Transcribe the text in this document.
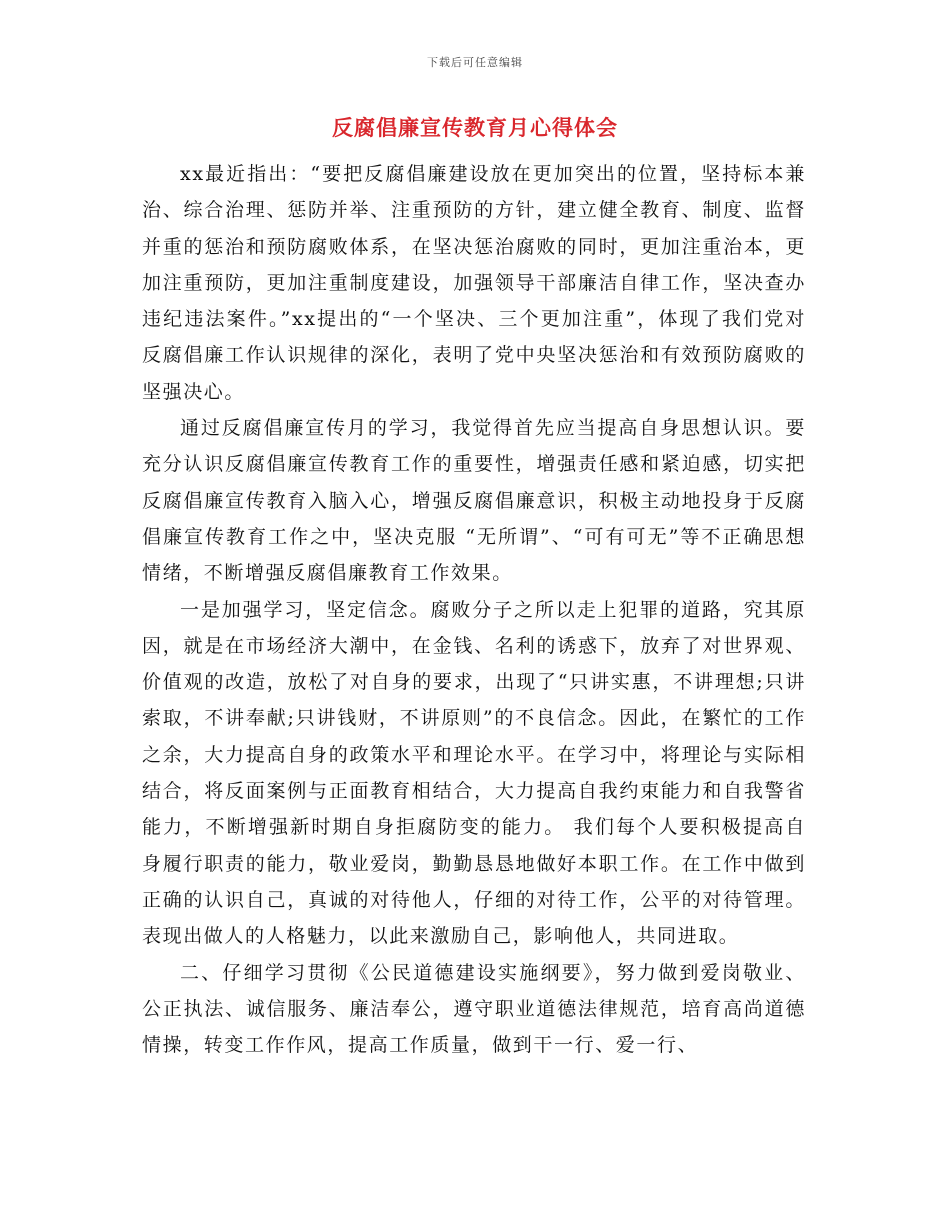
下载后可任意编辑
反腐倡廉宣传教育月心得体会

xx最近指出：“要把反腐倡廉建设放在更加突出的位置，坚持标本兼治、综合治理、惩防并举、注重预防的方针，建立健全教育、制度、监督并重的惩治和预防腐败体系，在坚决惩治腐败的同时，更加注重治本，更加注重预防，更加注重制度建设，加强领导干部廉洁自律工作，坚决查办违纪违法案件。”xx提出的“一个坚决、三个更加注重”，体现了我们党对反腐倡廉工作认识规律的深化，表明了党中央坚决惩治和有效预防腐败的坚强决心。

通过反腐倡廉宣传月的学习，我觉得首先应当提高自身思想认识。要充分认识反腐倡廉宣传教育工作的重要性，增强责任感和紧迫感，切实把反腐倡廉宣传教育入脑入心，增强反腐倡廉意识，积极主动地投身于反腐倡廉宣传教育工作之中，坚决克服 “无所谓”、“可有可无”等不正确思想情绪，不断增强反腐倡廉教育工作效果。

一是加强学习，坚定信念。腐败分子之所以走上犯罪的道路，究其原因，就是在市场经济大潮中，在金钱、名利的诱惑下，放弃了对世界观、价值观的改造，放松了对自身的要求，出现了“只讲实惠，不讲理想;只讲索取，不讲奉献;只讲钱财，不讲原则”的不良信念。因此，在繁忙的工作之余，大力提高自身的政策水平和理论水平。在学习中，将理论与实际相结合，将反面案例与正面教育相结合，大力提高自我约束能力和自我警省能力，不断增强新时期自身拒腐防变的能力。 我们每个人要积极提高自身履行职责的能力，敬业爱岗，勤勤恳恳地做好本职工作。在工作中做到正确的认识自己，真诚的对待他人，仔细的对待工作，公平的对待管理。表现出做人的人格魅力，以此来激励自己，影响他人，共同进取。

二、仔细学习贯彻《公民道德建设实施纲要》，努力做到爱岗敬业、公正执法、诚信服务、廉洁奉公，遵守职业道德法律规范，培育高尚道德情操，转变工作作风，提高工作质量，做到干一行、爱一行、
